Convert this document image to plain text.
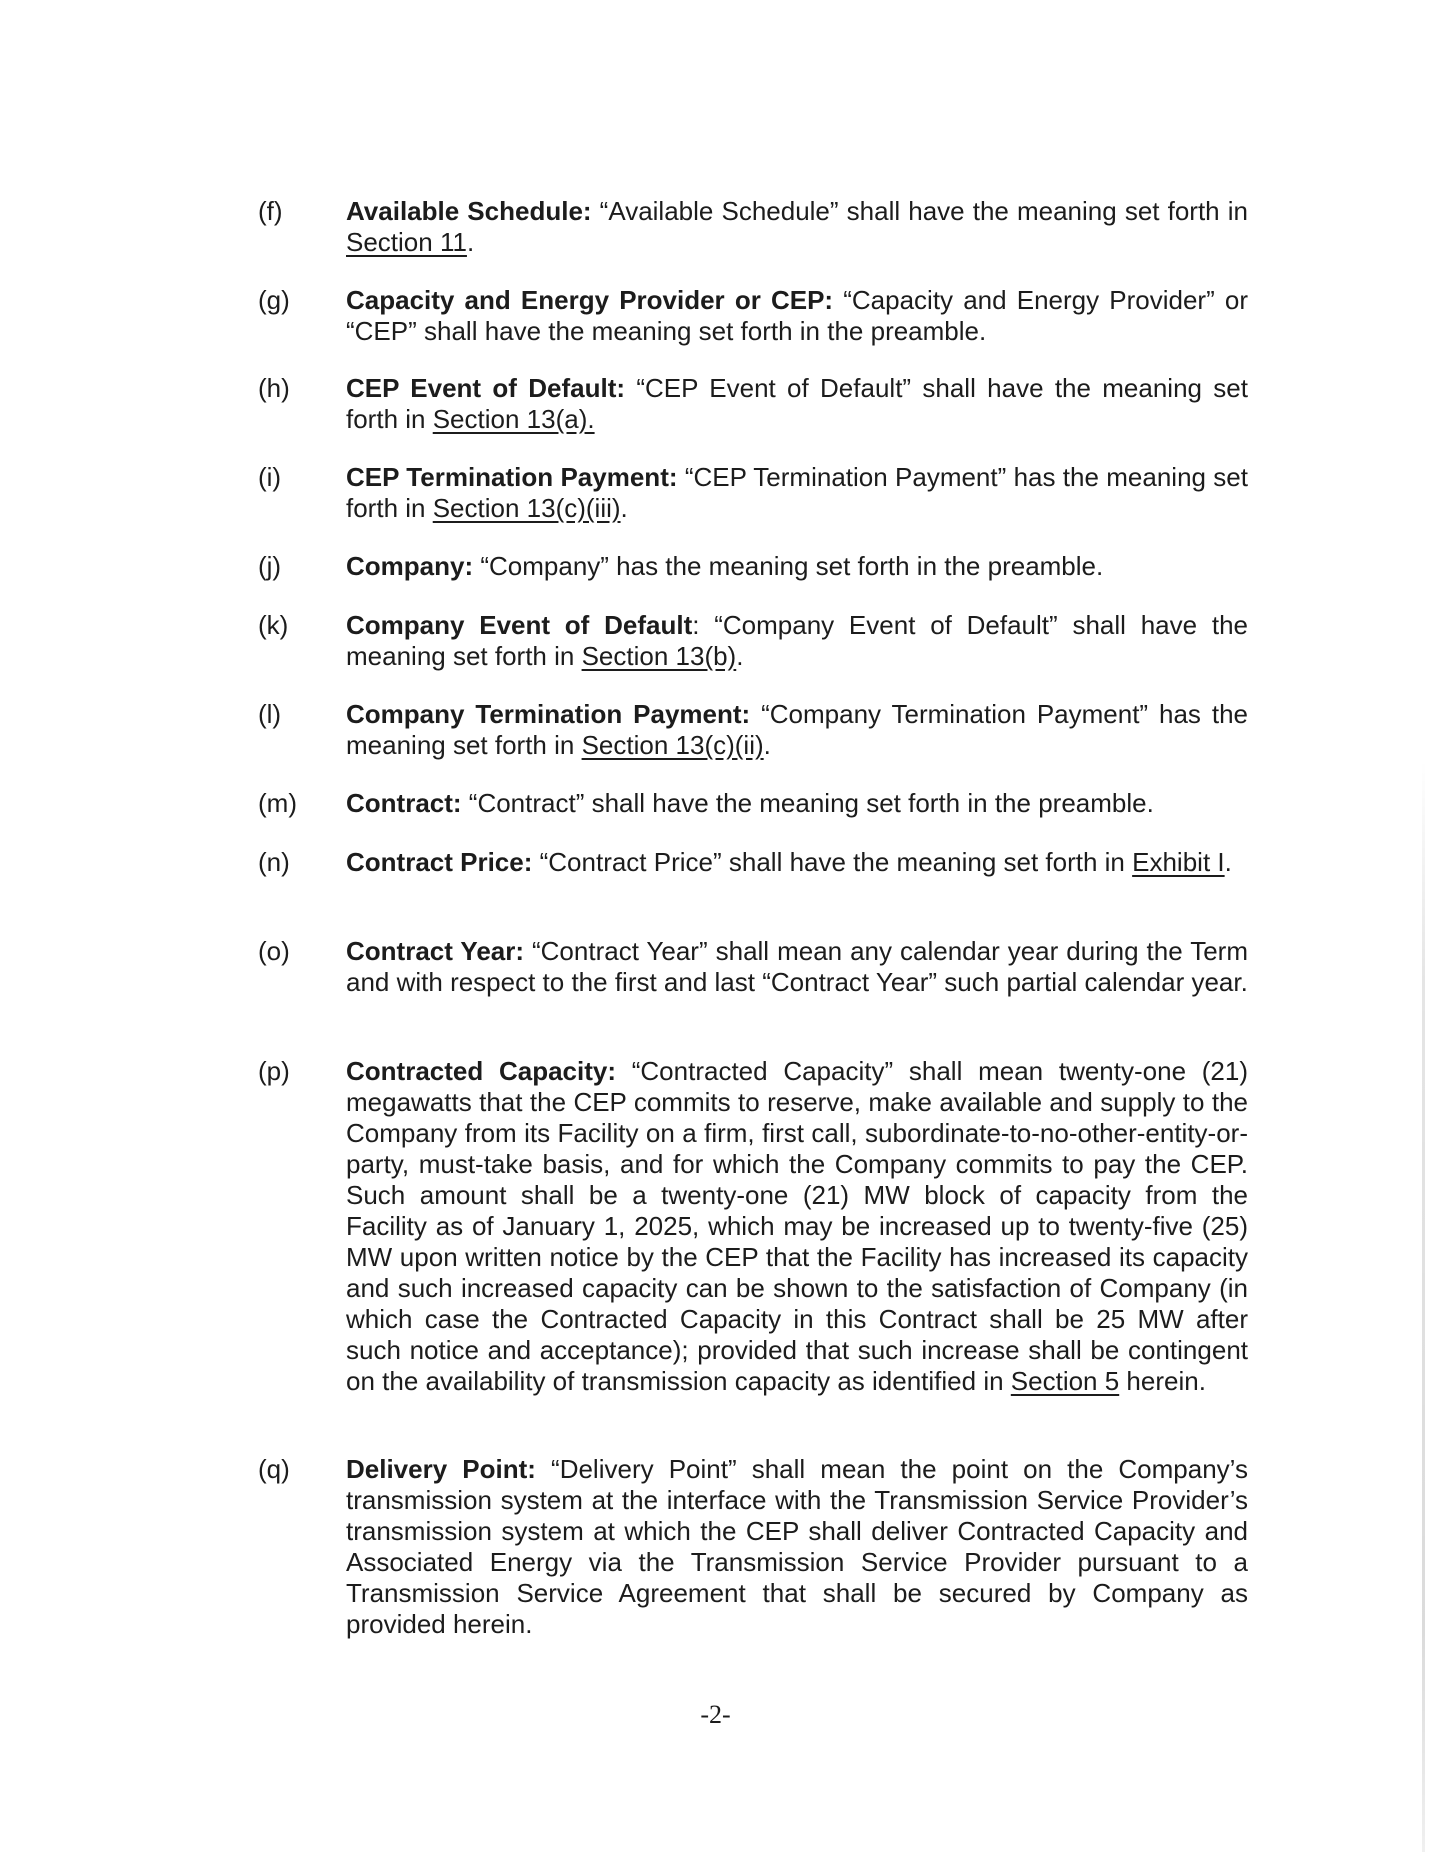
(f)	Available Schedule: “Available Schedule” shall have the meaning set forth in Section 11.
(g)	Capacity and Energy Provider or CEP: “Capacity and Energy Provider” or “CEP” shall have the meaning set forth in the preamble.
(h)	CEP Event of Default: “CEP Event of Default” shall have the meaning set forth in Section 13(a).
(i)	CEP Termination Payment: “CEP Termination Payment” has the meaning set forth in Section 13(c)(iii).
(j)	Company: “Company” has the meaning set forth in the preamble.
(k)	Company Event of Default: “Company Event of Default” shall have the meaning set forth in Section 13(b).
(l)	Company Termination Payment: “Company Termination Payment” has the meaning set forth in Section 13(c)(ii).
(m)	Contract: “Contract” shall have the meaning set forth in the preamble.
(n)	Contract Price: “Contract Price” shall have the meaning set forth in Exhibit I.
(o)	Contract Year: “Contract Year” shall mean any calendar year during the Term and with respect to the first and last “Contract Year” such partial calendar year.
(p)	Contracted Capacity: “Contracted Capacity” shall mean twenty-one (21) megawatts that the CEP commits to reserve, make available and supply to the Company from its Facility on a firm, first call, subordinate-to-no-other-entity-or-party, must-take basis, and for which the Company commits to pay the CEP. Such amount shall be a twenty-one (21) MW block of capacity from the Facility as of January 1, 2025, which may be increased up to twenty-five (25) MW upon written notice by the CEP that the Facility has increased its capacity and such increased capacity can be shown to the satisfaction of Company (in which case the Contracted Capacity in this Contract shall be 25 MW after such notice and acceptance); provided that such increase shall be contingent on the availability of transmission capacity as identified in Section 5 herein.
(q)	Delivery Point: “Delivery Point” shall mean the point on the Company’s transmission system at the interface with the Transmission Service Provider’s transmission system at which the CEP shall deliver Contracted Capacity and Associated Energy via the Transmission Service Provider pursuant to a Transmission Service Agreement that shall be secured by Company as provided herein.
-2-
